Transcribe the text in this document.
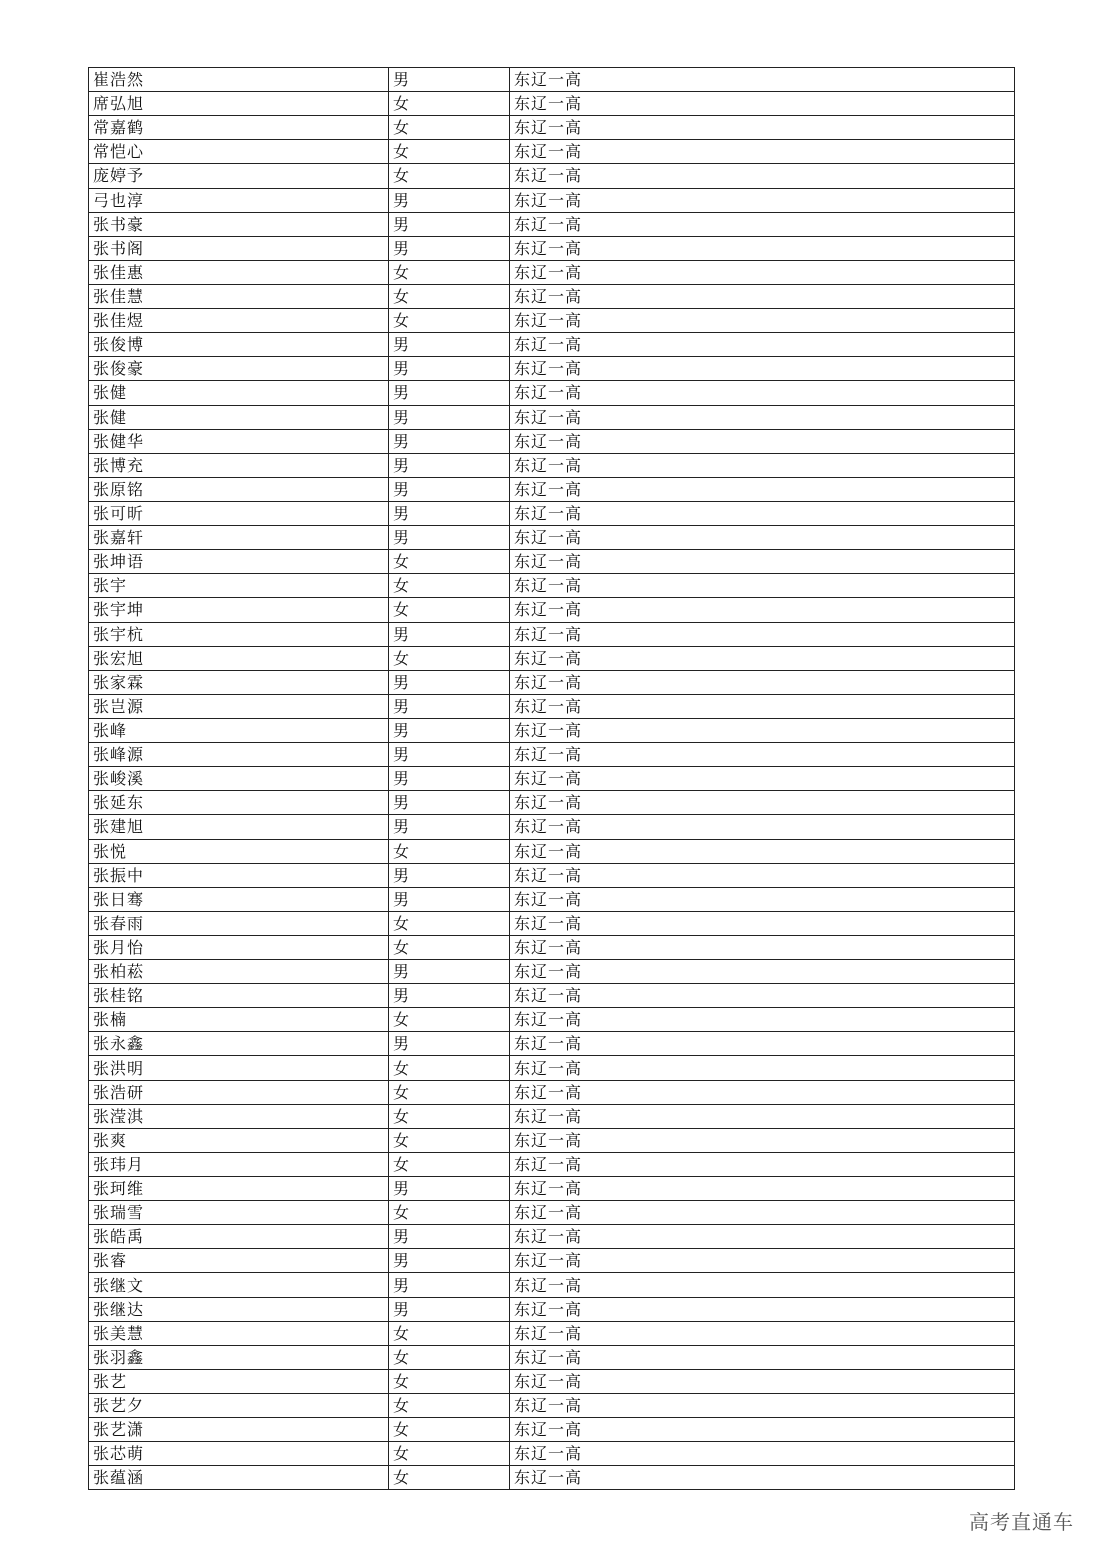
崔浩然	男	东辽一高
席弘旭	女	东辽一高
常嘉鹤	女	东辽一高
常恺心	女	东辽一高
庞婷予	女	东辽一高
弓也淳	男	东辽一高
张书豪	男	东辽一高
张书阁	男	东辽一高
张佳惠	女	东辽一高
张佳慧	女	东辽一高
张佳煜	女	东辽一高
张俊博	男	东辽一高
张俊豪	男	东辽一高
张健	男	东辽一高
张健	男	东辽一高
张健华	男	东辽一高
张博充	男	东辽一高
张原铭	男	东辽一高
张可昕	男	东辽一高
张嘉轩	男	东辽一高
张坤语	女	东辽一高
张宇	女	东辽一高
张宇坤	女	东辽一高
张宇杭	男	东辽一高
张宏旭	女	东辽一高
张家霖	男	东辽一高
张岂源	男	东辽一高
张峰	男	东辽一高
张峰源	男	东辽一高
张峻溪	男	东辽一高
张延东	男	东辽一高
张建旭	男	东辽一高
张悦	女	东辽一高
张振中	男	东辽一高
张日骞	男	东辽一高
张春雨	女	东辽一高
张月怡	女	东辽一高
张柏菘	男	东辽一高
张桂铭	男	东辽一高
张楠	女	东辽一高
张永鑫	男	东辽一高
张洪明	女	东辽一高
张浩研	女	东辽一高
张滢淇	女	东辽一高
张爽	女	东辽一高
张玮月	女	东辽一高
张珂维	男	东辽一高
张瑞雪	女	东辽一高
张皓禹	男	东辽一高
张睿	男	东辽一高
张继文	男	东辽一高
张继达	男	东辽一高
张美慧	女	东辽一高
张羽鑫	女	东辽一高
张艺	女	东辽一高
张艺夕	女	东辽一高
张艺潇	女	东辽一高
张芯萌	女	东辽一高
张蕴涵	女	东辽一高
高考直通车
